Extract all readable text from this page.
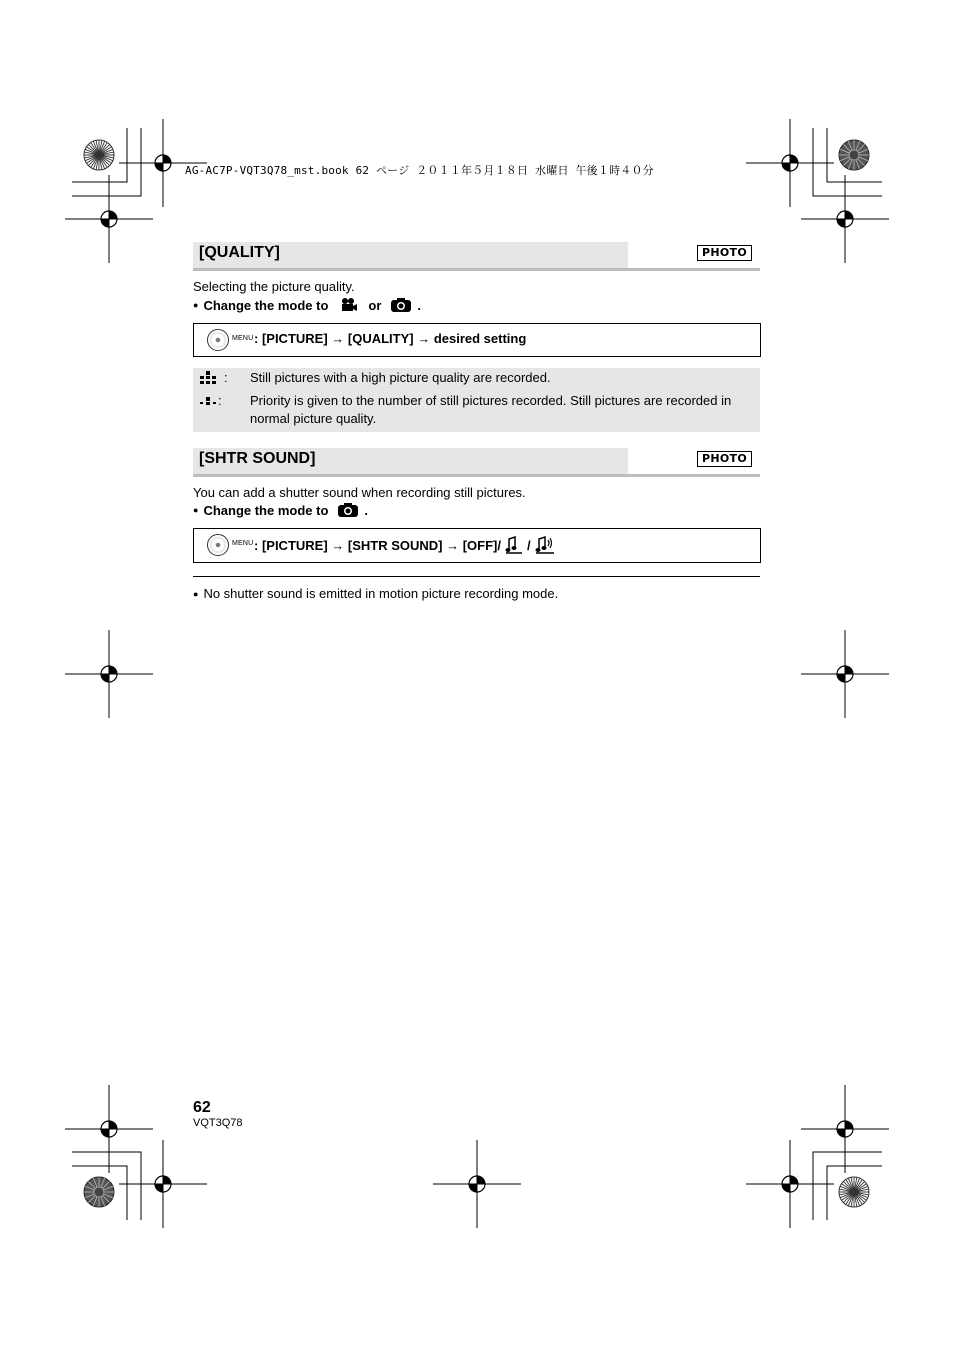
AG-AC7P-VQT3Q78_mst.book 62 ページ ２０１１年５月１８日 水曜日 午後１時４０分
[QUALITY]	PHOTO
Selecting the picture quality.
● Change the mode to	or	.
MENU : [PICTURE] → [QUALITY] → desired setting
: Still pictures with a high picture quality are recorded.
: Priority is given to the number of still pictures recorded. Still pictures are recorded in normal picture quality.
[SHTR SOUND]	PHOTO
You can add a shutter sound when recording still pictures.
● Change the mode to	.
MENU : [PICTURE] → [SHTR SOUND] → [OFF]/ /
● No shutter sound is emitted in motion picture recording mode.
62
VQT3Q78
